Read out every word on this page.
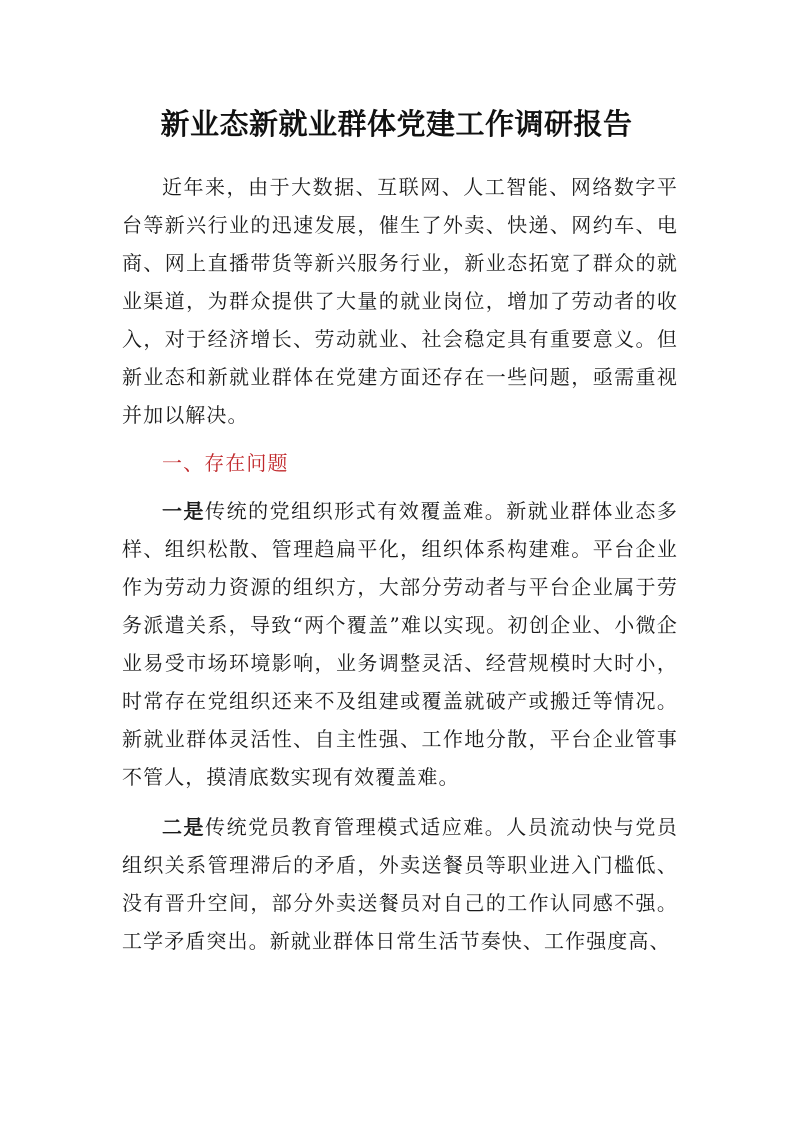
新业态新就业群体党建工作调研报告

近年来，由于大数据、互联网、人工智能、网络数字平台等新兴行业的迅速发展，催生了外卖、快递、网约车、电商、网上直播带货等新兴服务行业，新业态拓宽了群众的就业渠道，为群众提供了大量的就业岗位，增加了劳动者的收入，对于经济增长、劳动就业、社会稳定具有重要意义。但新业态和新就业群体在党建方面还存在一些问题，亟需重视并加以解决。

一、存在问题

一是传统的党组织形式有效覆盖难。新就业群体业态多样、组织松散、管理趋扁平化，组织体系构建难。平台企业作为劳动力资源的组织方，大部分劳动者与平台企业属于劳务派遣关系，导致“两个覆盖”难以实现。初创企业、小微企业易受市场环境影响，业务调整灵活、经营规模时大时小，时常存在党组织还来不及组建或覆盖就破产或搬迁等情况。新就业群体灵活性、自主性强、工作地分散，平台企业管事不管人，摸清底数实现有效覆盖难。

二是传统党员教育管理模式适应难。人员流动快与党员组织关系管理滞后的矛盾，外卖送餐员等职业进入门槛低、没有晋升空间，部分外卖送餐员对自己的工作认同感不强。工学矛盾突出。新就业群体日常生活节奏快、工作强度高、
